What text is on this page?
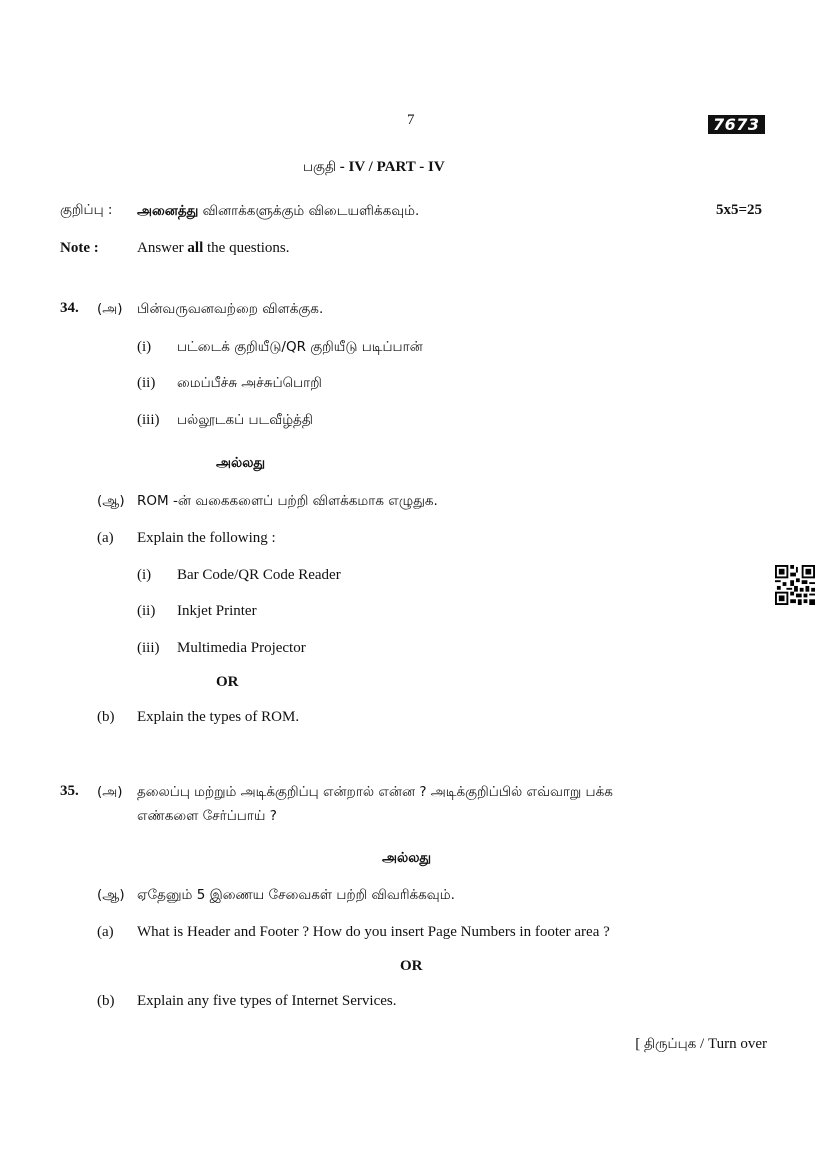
7	7673
பகுதி - IV / PART - IV
குறிப்பு : அனைத்து வினாக்களுக்கும் விடையளிக்கவும்.	5x5=25
Note :	Answer all the questions.
34. (அ) பின்வருவனவற்றை விளக்குக.
(i) பட்டைக் குறியீடு/QR குறியீடு படிப்பான்
(ii) மைப்பீச்சு அச்சுப்பொறி
(iii) பல்லூடகப் படவீழ்த்தி
அல்லது
(ஆ) ROM -ன் வகைகளைப் பற்றி விளக்கமாக எழுதுக.
(a) Explain the following :
(i) Bar Code/QR Code Reader
(ii) Inkjet Printer
(iii) Multimedia Projector
OR
(b) Explain the types of ROM.
35. (அ) தலைப்பு மற்றும் அடிக்குறிப்பு என்றால் என்ன ? அடிக்குறிப்பில் எவ்வாறு பக்க
எண்களை சேர்ப்பாய் ?
அல்லது
(ஆ) ஏதேனும் 5 இணைய சேவைகள் பற்றி விவரிக்கவும்.
(a) What is Header and Footer ? How do you insert Page Numbers in footer area ?
OR
(b) Explain any five types of Internet Services.
[ திருப்புக / Turn over
